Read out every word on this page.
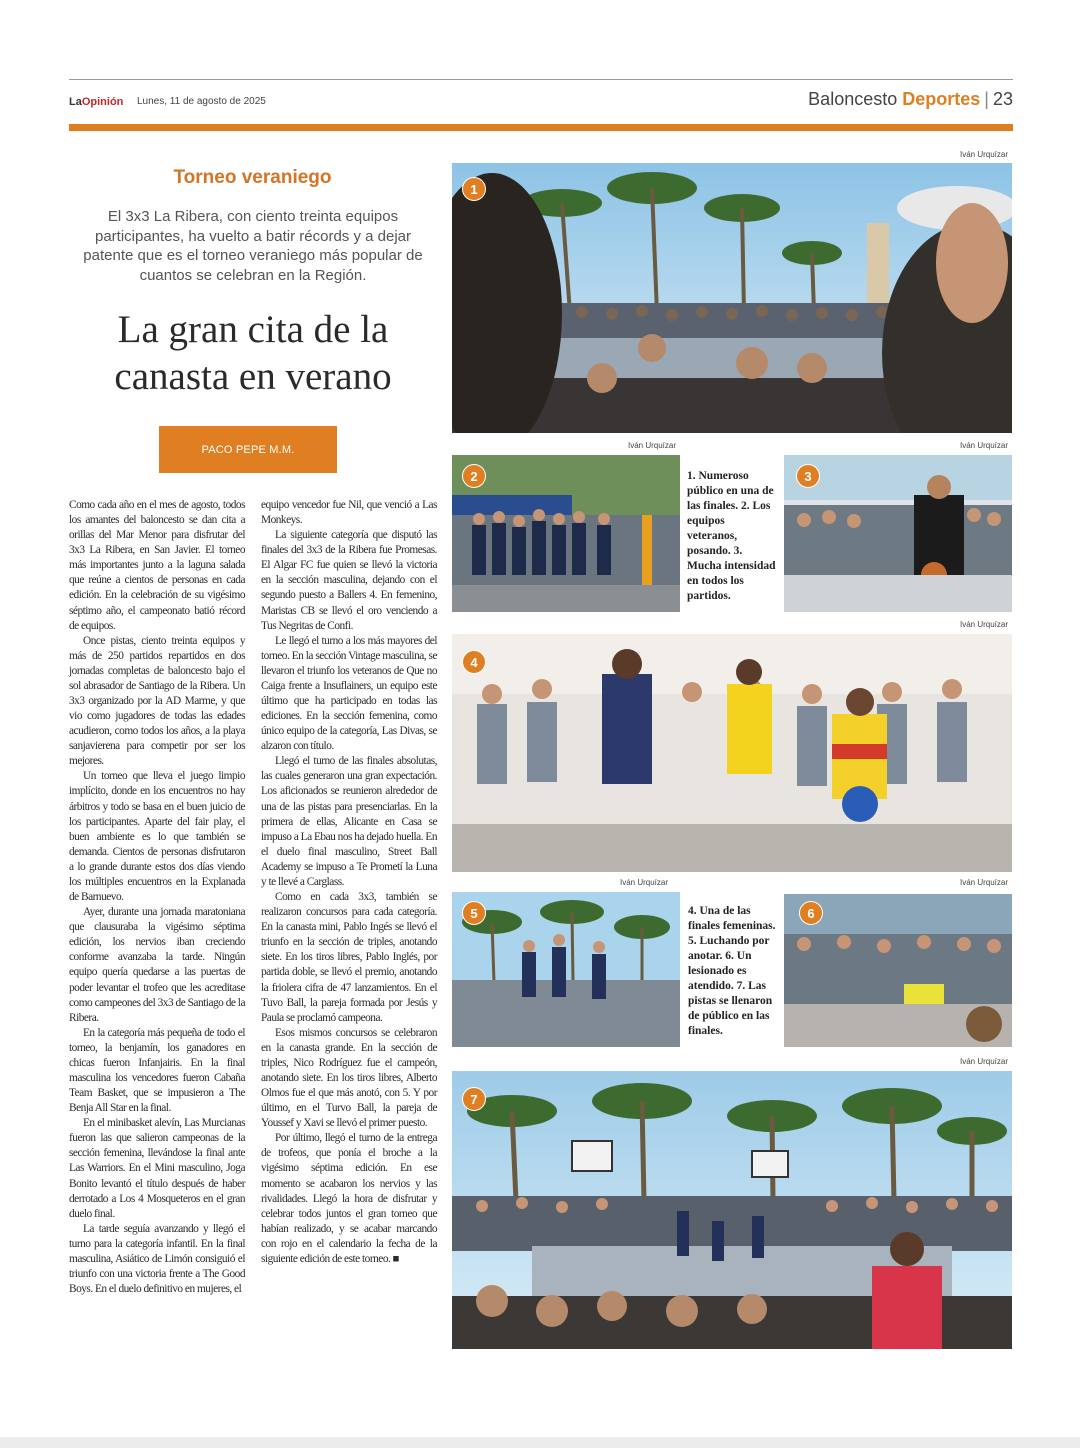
LaOpinión Lunes, 11 de agosto de 2025	Baloncesto Deportes | 23
Torneo veraniego
El 3x3 La Ribera, con ciento treinta equipos participantes, ha vuelto a batir récords y a dejar patente que es el torneo veraniego más popular de cuantos se celebran en la Región.
La gran cita de la
canasta en verano
PACO PEPE M.M.

Como cada año en el mes de agosto, todos los amantes del baloncesto se dan cita a orillas del Mar Menor para disfrutar del 3x3 La Ribera, en San Javier. El torneo más importantes junto a la laguna salada que reúne a cientos de personas en cada edición. En la celebración de su vigésimo séptimo año, el campeonato batió récord de equipos.

Once pistas, ciento treinta equipos y más de 250 partidos repartidos en dos jornadas completas de baloncesto bajo el sol abrasador de Santiago de la Ribera. Un 3x3 organizado por la AD Marme, y que vio como jugadores de todas las edades acudieron, como todos los años, a la playa sanjavierena para competir por ser los mejores.

Un torneo que lleva el juego limpio implícito, donde en los encuentros no hay árbitros y todo se basa en el buen juicio de los participantes. Aparte del fair play, el buen ambiente es lo que también se demanda. Cientos de personas disfrutaron a lo grande durante estos dos días viendo los múltiples encuentros en la Explanada de Barnuevo.

Ayer, durante una jornada maratoniana que clausuraba la vigésimo séptima edición, los nervios iban creciendo conforme avanzaba la tarde. Ningún equipo quería quedarse a las puertas de poder levantar el trofeo que les acreditase como campeones del 3x3 de Santiago de la Ribera.

En la categoría más pequeña de todo el torneo, la benjamín, los ganadores en chicas fueron Infanjairis. En la final masculina los vencedores fueron Cabaña Team Basket, que se impusieron a The Benja All Star en la final.

En el minibasket alevín, Las Murcianas fueron las que salieron campeonas de la sección femenina, llevándose la final ante Las Warriors. En el Mini masculino, Joga Bonito levantó el título después de haber derrotado a Los 4 Mosqueteros en el gran duelo final.

La tarde seguía avanzando y llegó el turno para la categoría infantil. En la final masculina, Asiático de Limón consiguió el triunfo con una victoria frente a The Good Boys. En el duelo definitivo en mujeres, el

equipo vencedor fue Nil, que venció a Las Monkeys.

La siguiente categoría que disputó las finales del 3x3 de la Ribera fue Promesas. El Algar FC fue quien se llevó la victoria en la sección masculina, dejando con el segundo puesto a Ballers 4. En femenino, Maristas CB se llevó el oro venciendo a Tus Negritas de Confi.

Le llegó el turno a los más mayores del torneo. En la sección Vintage masculina, se llevaron el triunfo los veteranos de Que no Caiga frente a Insuflainers, un equipo este último que ha participado en todas las ediciones. En la sección femenina, como único equipo de la categoría, Las Divas, se alzaron con título.

Llegó el turno de las finales absolutas, las cuales generaron una gran expectación. Los aficionados se reunieron alrededor de una de las pistas para presenciarlas. En la primera de ellas, Alicante en Casa se impuso a La Ebau nos ha dejado huella. En el duelo final masculino, Street Ball Academy se impuso a Te Prometí la Luna y te llevé a Carglass.

Como en cada 3x3, también se realizaron concursos para cada categoría. En la canasta mini, Pablo Ingés se llevó el triunfo en la sección de triples, anotando siete. En los tiros libres, Pablo Inglés, por partida doble, se llevó el premio, anotando la friolera cifra de 47 lanzamientos. En el Tuvo Ball, la pareja formada por Jesús y Paula se proclamó campeona.

Esos mismos concursos se celebraron en la canasta grande. En la sección de triples, Nico Rodríguez fue el campeón, anotando siete. En los tiros libres, Alberto Olmos fue el que más anotó, con 5. Y por último, en el Turvo Ball, la pareja de Youssef y Xavi se llevó el primer puesto.

Por último, llegó el turno de la entrega de trofeos, que ponía el broche a la vigésimo séptima edición. En ese momento se acabaron los nervios y las rivalidades. Llegó la hora de disfrutar y celebrar todos juntos el gran torneo que habían realizado, y se acabar marcando con rojo en el calendario la fecha de la siguiente edición de este torneo. ■

Iván Urquízar
1
Iván Urquízar
2	1. Numeroso público en una de las finales. 2. Los equipos veteranos, posando. 3. Mucha intensidad en todos los partidos.
Iván Urquízar
3
Iván Urquízar
4
Iván Urquízar
5	4. Una de las finales femeninas. 5. Luchando por anotar. 6. Un lesionado es atendido. 7. Las pistas se llenaron de público en las finales.
Iván Urquízar
6
Iván Urquízar
7
